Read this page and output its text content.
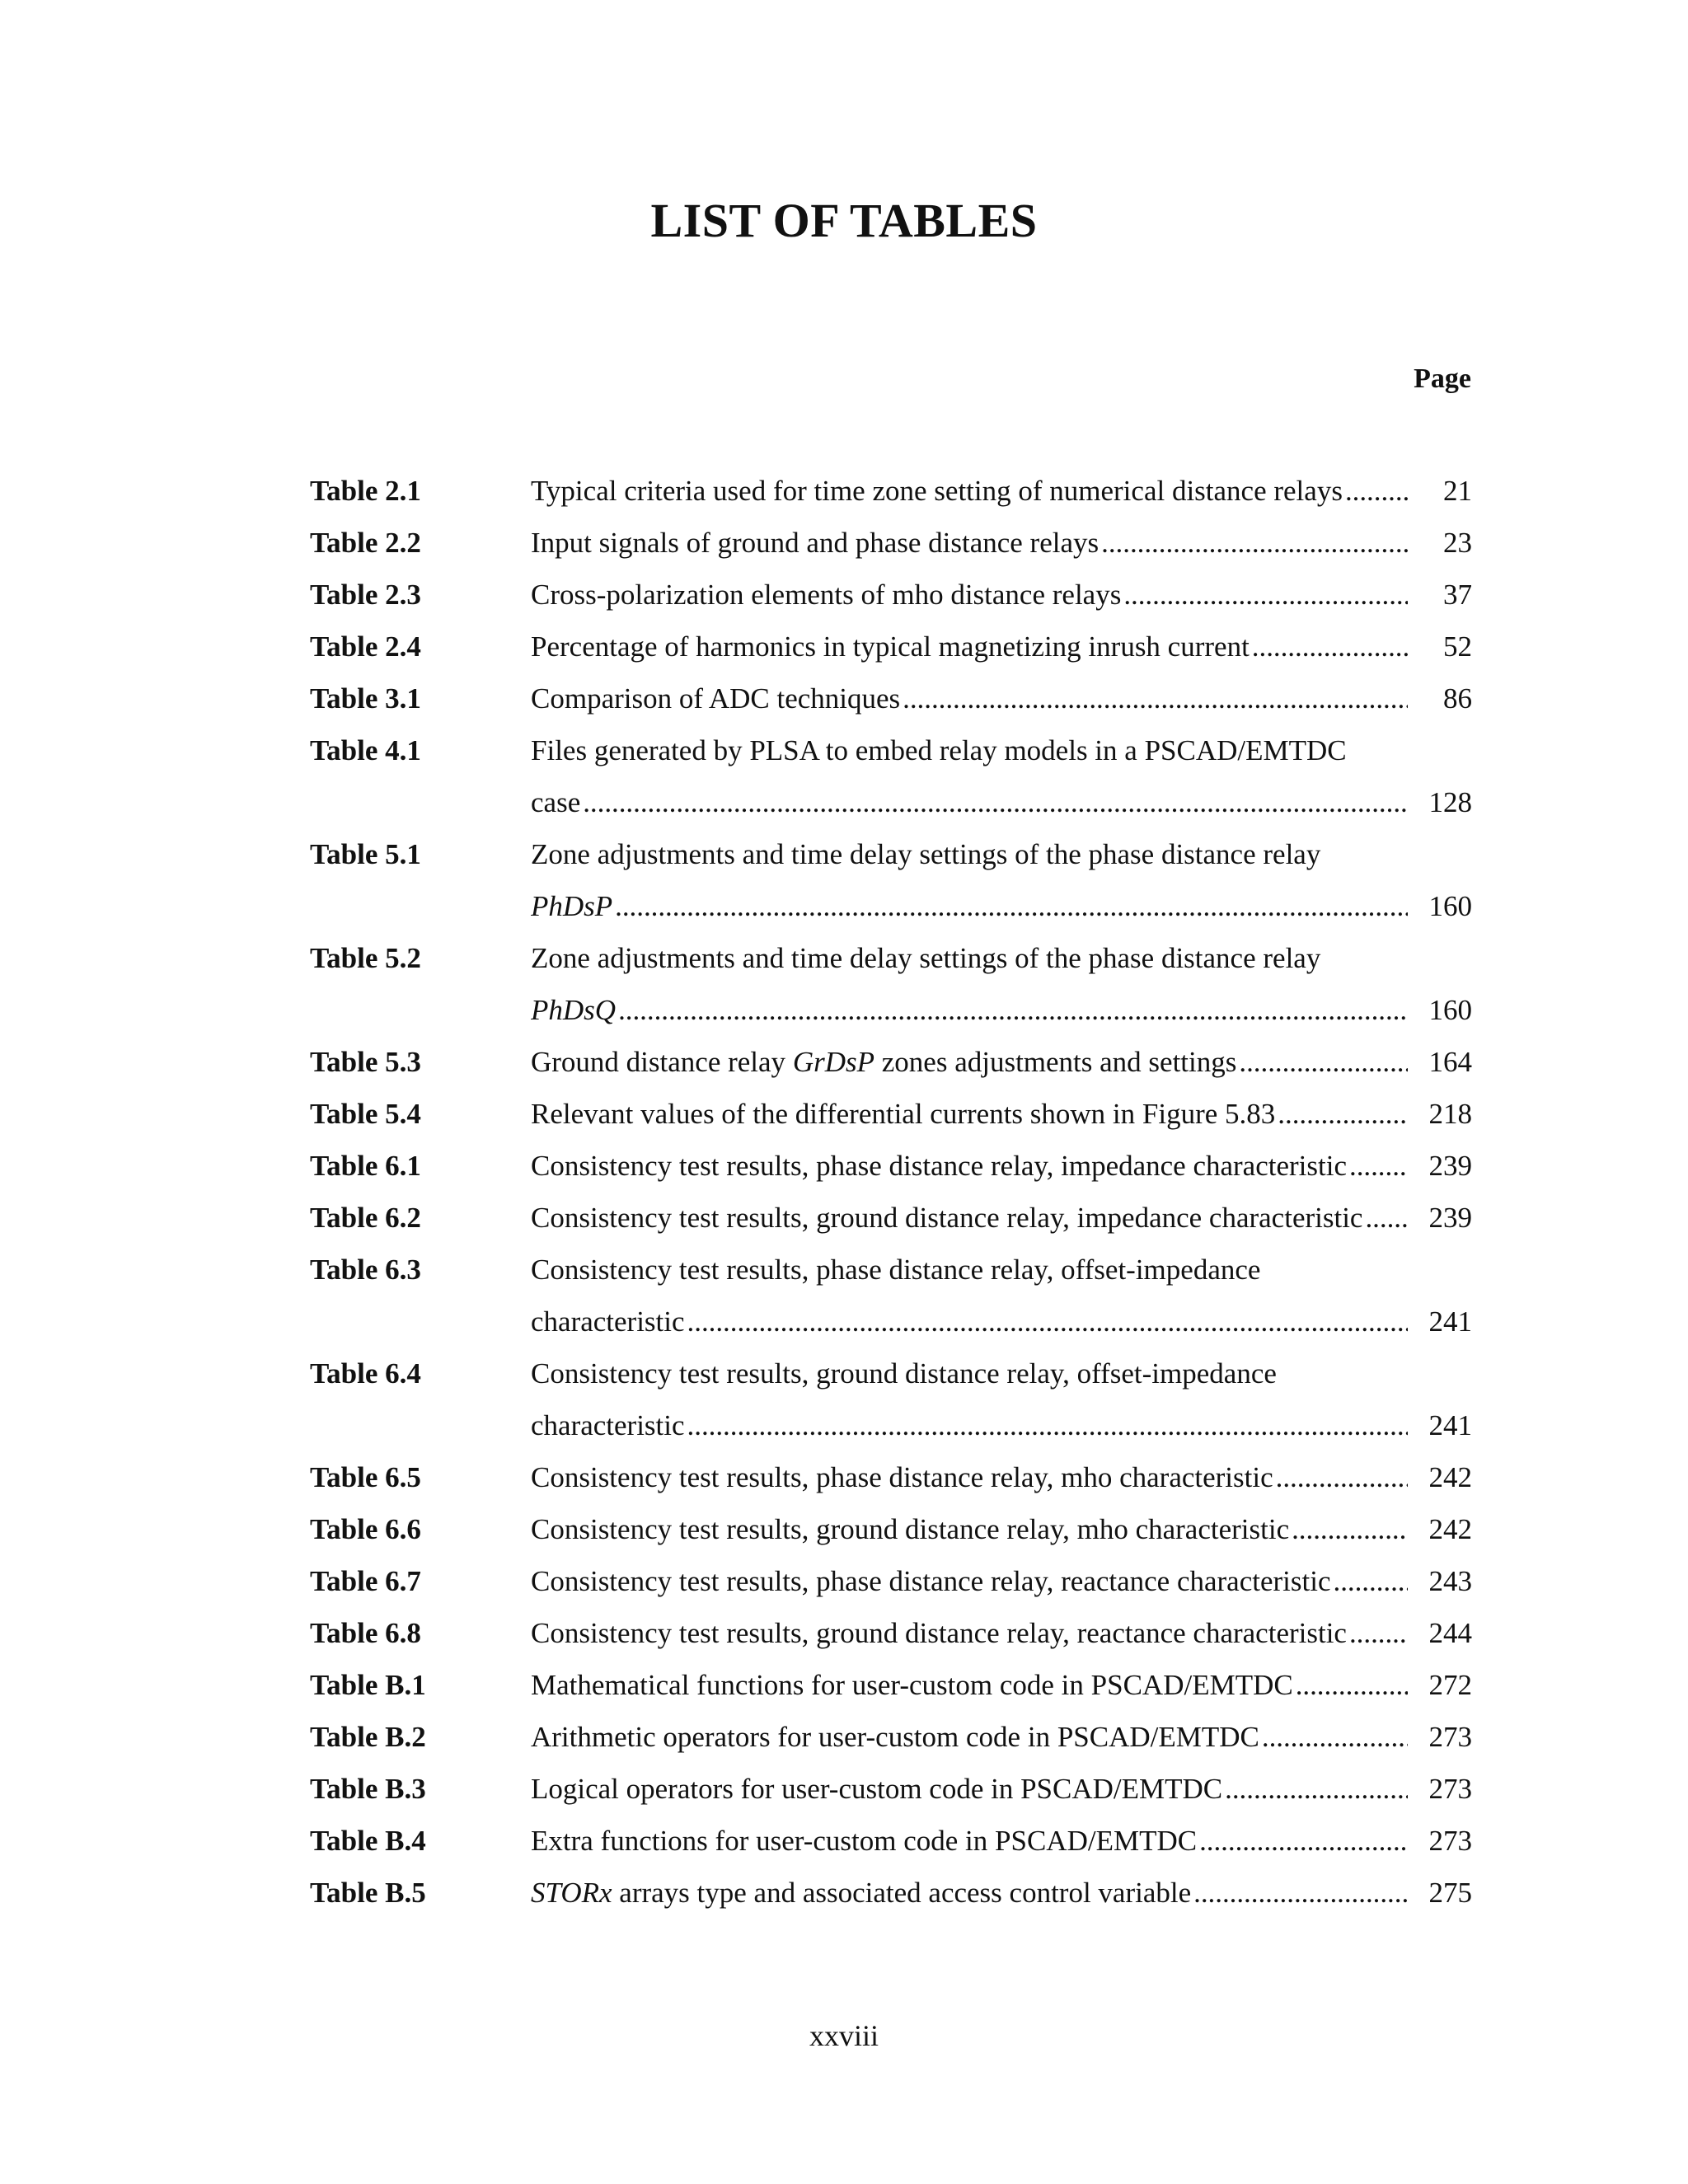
LIST OF TABLES
Page
Table 2.1	Typical criteria used for time zone setting of numerical distance relays . . .	21
Table 2.2	Input signals of ground and phase distance relays . . .	23
Table 2.3	Cross-polarization elements of mho distance relays . . .	37
Table 2.4	Percentage of harmonics in typical magnetizing inrush current . . .	52
Table 3.1	Comparison of ADC techniques . . .	86
Table 4.1	Files generated by PLSA to embed relay models in a PSCAD/EMTDC
case . . .	128
Table 5.1	Zone adjustments and time delay settings of the phase distance relay
PhDsP . . .	160
Table 5.2	Zone adjustments and time delay settings of the phase distance relay
PhDsQ . . .	160
Table 5.3	Ground distance relay GrDsP zones adjustments and settings . . .	164
Table 5.4	Relevant values of the differential currents shown in Figure 5.83 . . .	218
Table 6.1	Consistency test results, phase distance relay, impedance characteristic . . .	239
Table 6.2	Consistency test results, ground distance relay, impedance characteristic . . .	239
Table 6.3	Consistency test results, phase distance relay, offset-impedance
characteristic . . .	241
Table 6.4	Consistency test results, ground distance relay, offset-impedance
characteristic . . .	241
Table 6.5	Consistency test results, phase distance relay, mho characteristic . . .	242
Table 6.6	Consistency test results, ground distance relay, mho characteristic . . .	242
Table 6.7	Consistency test results, phase distance relay, reactance characteristic . . .	243
Table 6.8	Consistency test results, ground distance relay, reactance characteristic . . .	244
Table B.1	Mathematical functions for user-custom code in PSCAD/EMTDC . . .	272
Table B.2	Arithmetic operators for user-custom code in PSCAD/EMTDC . . .	273
Table B.3	Logical operators for user-custom code in PSCAD/EMTDC . . .	273
Table B.4	Extra functions for user-custom code in PSCAD/EMTDC . . .	273
Table B.5	STORx arrays type and associated access control variable . . .	275
xxviii
